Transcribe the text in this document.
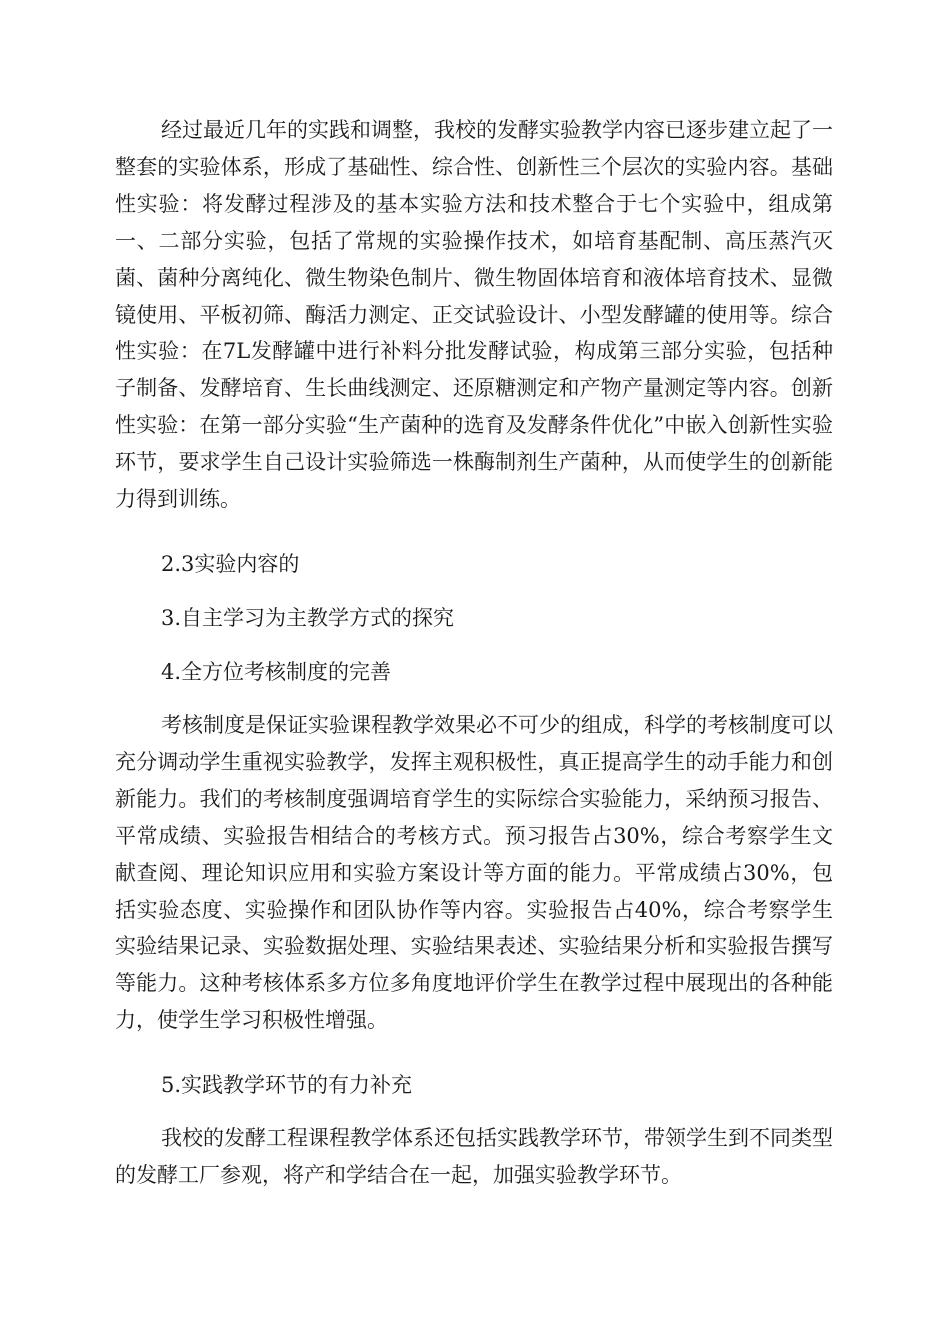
经过最近几年的实践和调整，我校的发酵实验教学内容已逐步建立起了一整套的实验体系，形成了基础性、综合性、创新性三个层次的实验内容。基础性实验：将发酵过程涉及的基本实验方法和技术整合于七个实验中，组成第一、二部分实验，包括了常规的实验操作技术，如培育基配制、高压蒸汽灭菌、菌种分离纯化、微生物染色制片、微生物固体培育和液体培育技术、显微镜使用、平板初筛、酶活力测定、正交试验设计、小型发酵罐的使用等。综合性实验：在7L发酵罐中进行补料分批发酵试验，构成第三部分实验，包括种子制备、发酵培育、生长曲线测定、还原糖测定和产物产量测定等内容。创新性实验：在第一部分实验“生产菌种的选育及发酵条件优化”中嵌入创新性实验环节，要求学生自己设计实验筛选一株酶制剂生产菌种，从而使学生的创新能力得到训练。

2.3实验内容的

3.自主学习为主教学方式的探究

4.全方位考核制度的完善

考核制度是保证实验课程教学效果必不可少的组成，科学的考核制度可以充分调动学生重视实验教学，发挥主观积极性，真正提高学生的动手能力和创新能力。我们的考核制度强调培育学生的实际综合实验能力，采纳预习报告、平常成绩、实验报告相结合的考核方式。预习报告占30%，综合考察学生文献查阅、理论知识应用和实验方案设计等方面的能力。平常成绩占30%，包括实验态度、实验操作和团队协作等内容。实验报告占40%，综合考察学生实验结果记录、实验数据处理、实验结果表述、实验结果分析和实验报告撰写等能力。这种考核体系多方位多角度地评价学生在教学过程中展现出的各种能力，使学生学习积极性增强。

5.实践教学环节的有力补充

我校的发酵工程课程教学体系还包括实践教学环节，带领学生到不同类型的发酵工厂参观，将产和学结合在一起，加强实验教学环节。
